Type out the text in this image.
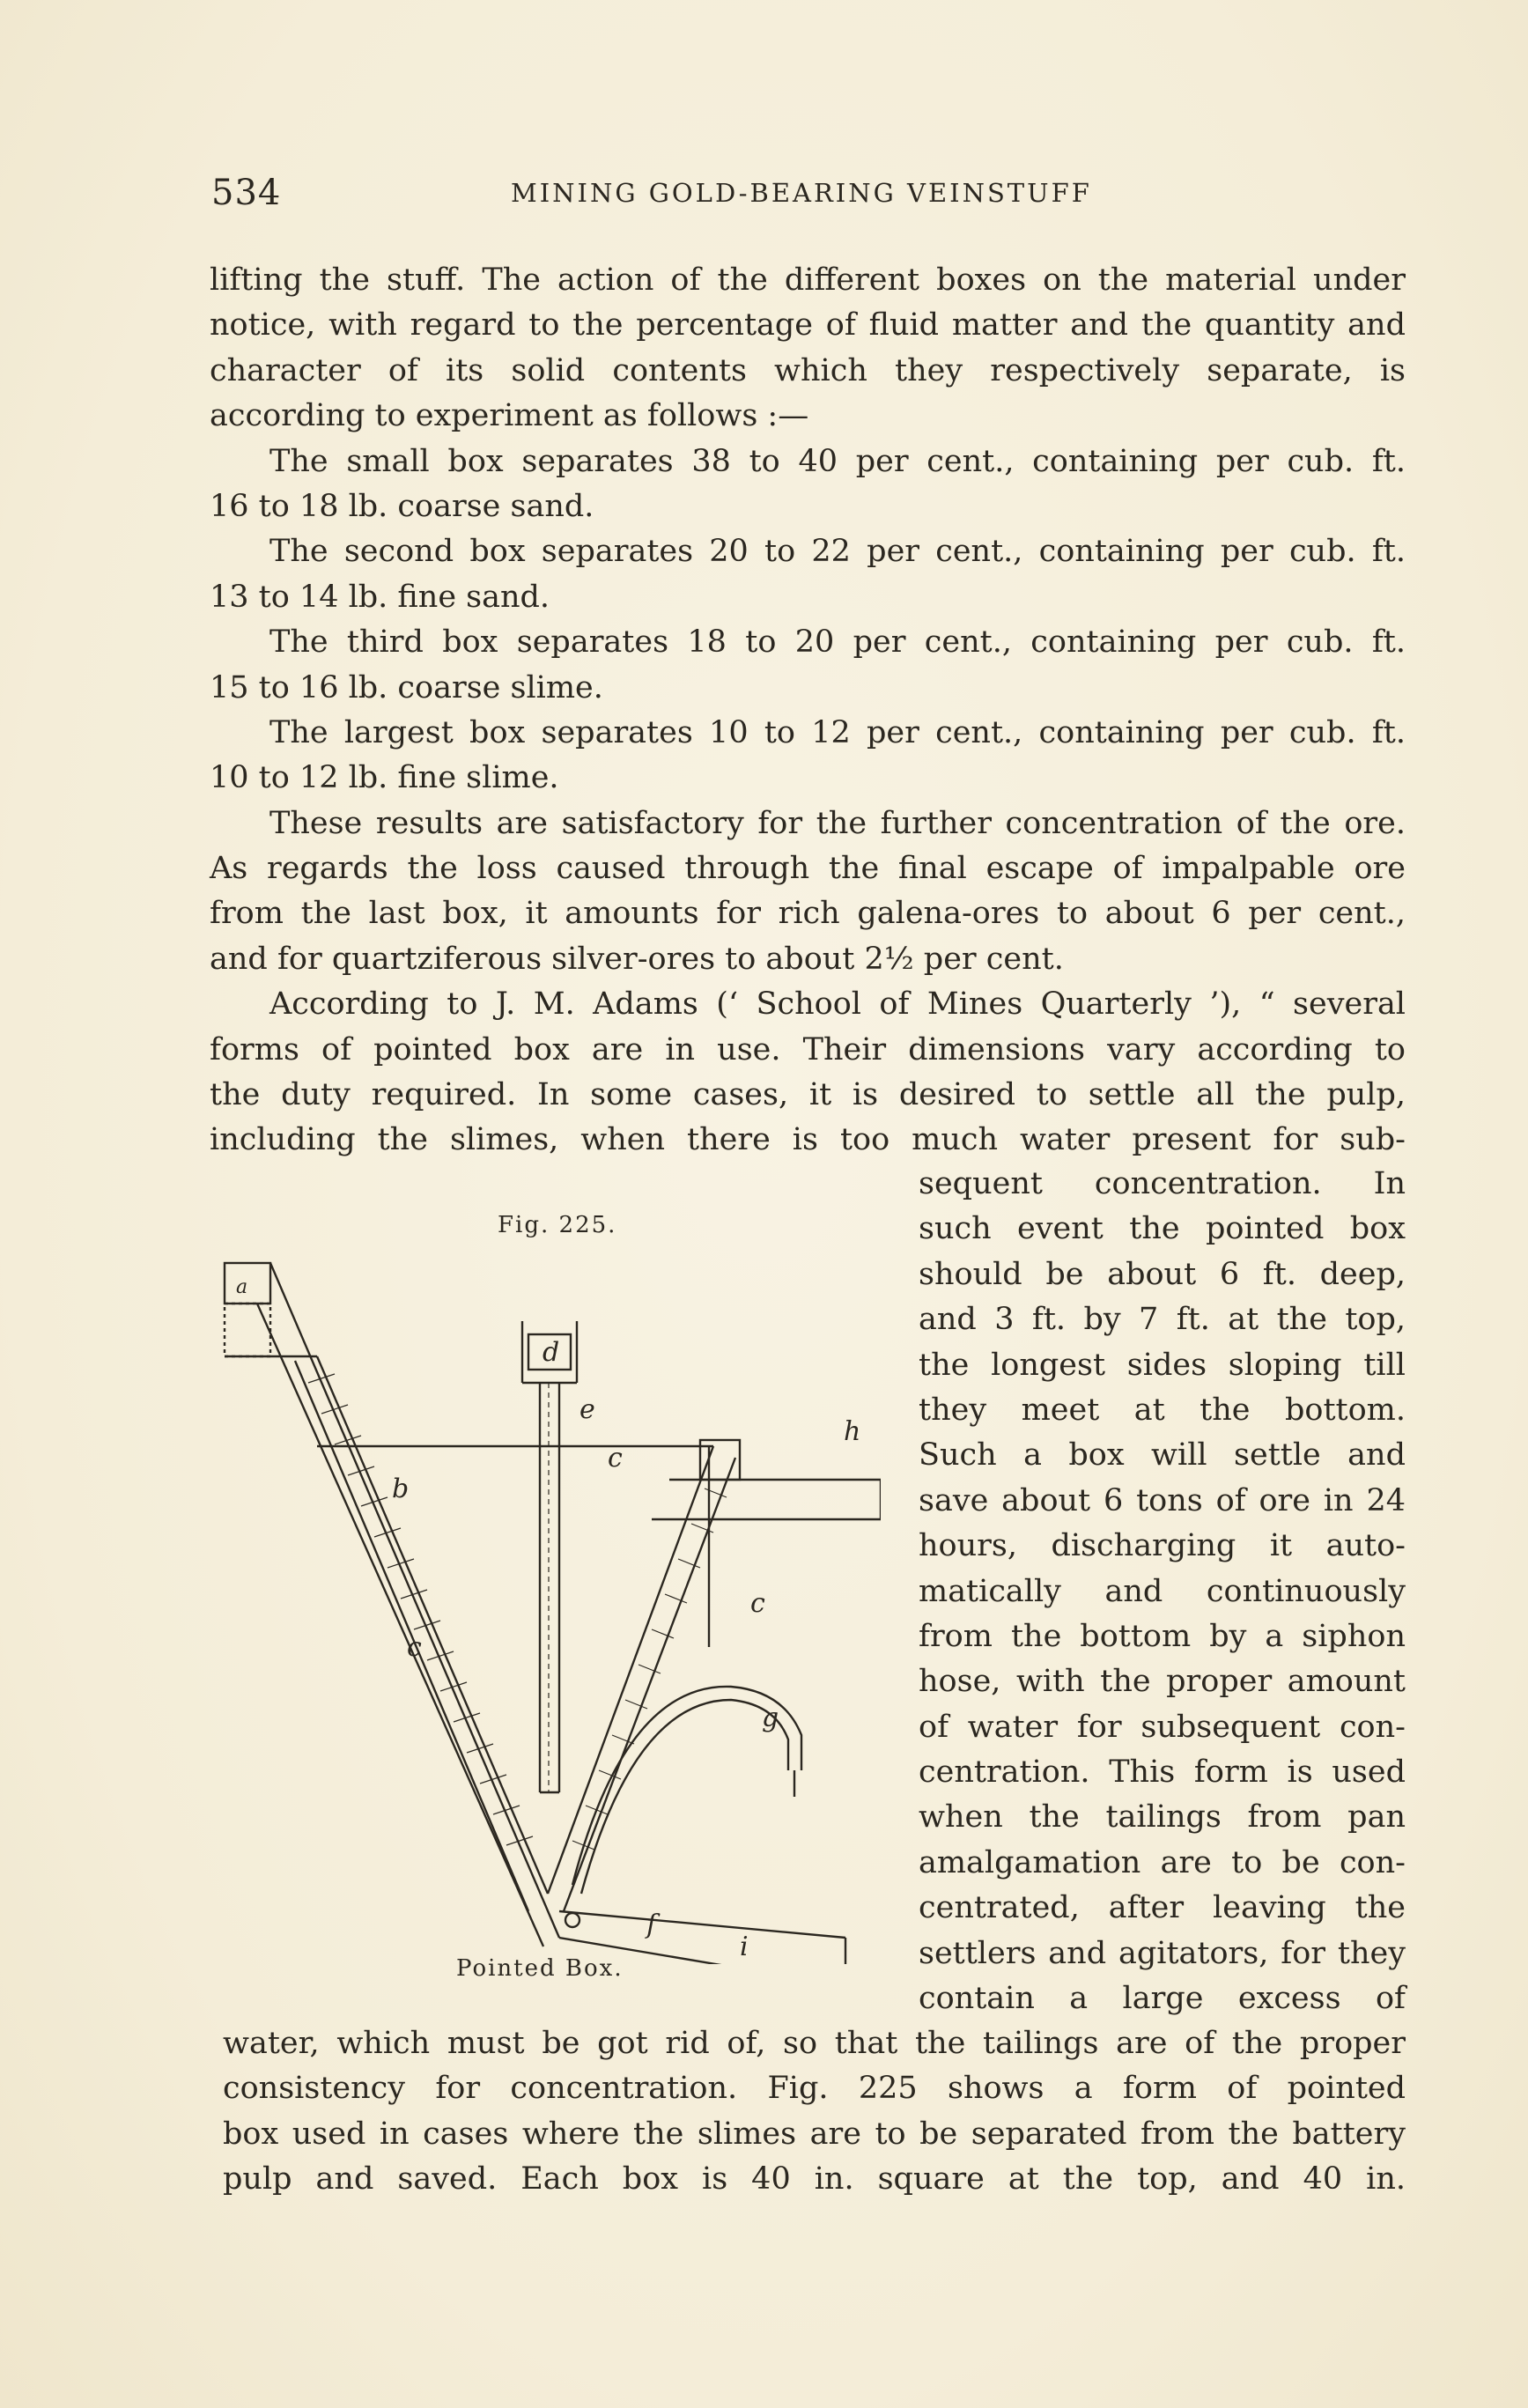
534	MINING GOLD-BEARING VEINSTUFF
lifting the stuff. The action of the different boxes on the material under
notice, with regard to the percentage of fluid matter and the quantity and
character of its solid contents which they respectively separate, is
according to experiment as follows :—
The small box separates 38 to 40 per cent., containing per cub. ft.
16 to 18 lb. coarse sand.
The second box separates 20 to 22 per cent., containing per cub. ft.
13 to 14 lb. fine sand.
The third box separates 18 to 20 per cent., containing per cub. ft.
15 to 16 lb. coarse slime.
The largest box separates 10 to 12 per cent., containing per cub. ft.
10 to 12 lb. fine slime.
These results are satisfactory for the further concentration of the ore.
As regards the loss caused through the final escape of impalpable ore
from the last box, it amounts for rich galena-ores to about 6 per cent.,
and for quartziferous silver-ores to about 2½ per cent.
According to J. M. Adams (‘ School of Mines Quarterly ’), “ several
forms of pointed box are in use. Their dimensions vary according to
the duty required. In some cases, it is desired to settle all the pulp,
including the slimes, when there is too much water present for sub-
sequent concentration. In
such event the pointed box
should be about 6 ft. deep,
and 3 ft. by 7 ft. at the top,
the longest sides sloping till
they meet at the bottom.
Such a box will settle and
save about 6 tons of ore in 24
hours, discharging it auto-
matically and continuously
from the bottom by a siphon
hose, with the proper amount
of water for subsequent con-
centration. This form is used
when the tailings from pan
amalgamation are to be con-
centrated, after leaving the
settlers and agitators, for they
contain a large excess of
Fig. 225.
a
b
c
c
c
d
e
f
g
h
i
Pointed Box.
water, which must be got rid of, so that the tailings are of the proper
consistency for concentration. Fig. 225 shows a form of pointed
box used in cases where the slimes are to be separated from the battery
pulp and saved. Each box is 40 in. square at the top, and 40 in.
